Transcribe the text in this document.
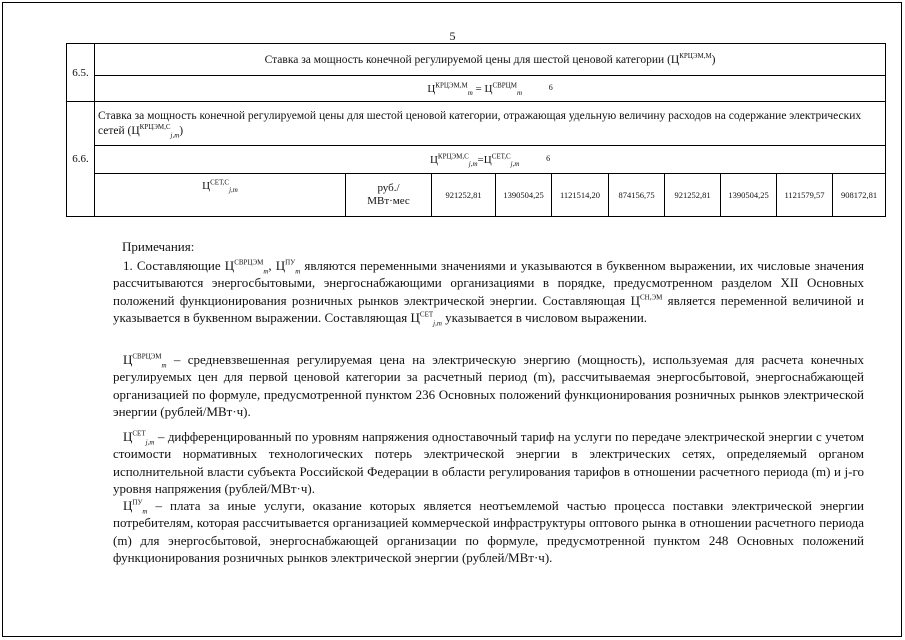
5
6.5.	Ставка за мощность конечной регулируемой цены для шестой ценовой категории $(Ц^{КРЦЭМ,М})$									
	$Ц^{КРЦЭМ,М}_m = Ц^{СВРЦМ}_m$ $^6$
6.6.	Ставка за мощность конечной регулируемой цены для шестой ценовой категории, отражающая удельную величину расходов на содержание электрических сетей $(Ц^{КРЦЭМ,С}_{j,m})$									
	$Ц^{КРЦЭМ,С}_{j,m}=Ц^{СЕТ,С}_{j,m}$ $^6$
	$Ц^{СЕТ,С}_{j,m}$	руб./
МВт·мес	921252,81	1390504,25	1121514,20	874156,75	921252,81	1390504,25	1121579,57	908172,81

Примечания:

1. Составляющие $Ц^{СВРЦЭМ}_m$, $Ц^{ПУ}_m$ являются переменными значениями и указываются в буквенном выражении, их числовые значения рассчитываются энергосбытовыми, энергоснабжающими организациями в порядке, предусмотренном разделом XII Основных положений функционирования розничных рынков электрической энергии. Составляющая $Ц^{СН,ЭМ}$ является переменной величиной и указывается в буквенном выражении. Составляющая $Ц^{СЕТ}_{j,m}$ указывается в числовом выражении.

$Ц^{СВРЦЭМ}_m$ – средневзвешенная регулируемая цена на электрическую энергию (мощность), используемая для расчета конечных регулируемых цен для первой ценовой категории за расчетный период (m), рассчитываемая энергосбытовой, энергоснабжающей организацией по формуле, предусмотренной пунктом 236 Основных положений функционирования розничных рынков электрической энергии (рублей/МВт·ч).

$Ц^{СЕТ}_{j,m}$ – дифференцированный по уровням напряжения одноставочный тариф на услуги по передаче электрической энергии с учетом стоимости нормативных технологических потерь электрической энергии в электрических сетях, определяемый органом исполнительной власти субъекта Российской Федерации в области регулирования тарифов в отношении расчетного периода (m) и j-го уровня напряжения (рублей/МВт·ч).

$Ц^{ПУ}_m$ – плата за иные услуги, оказание которых является неотъемлемой частью процесса поставки электрической энергии потребителям, которая рассчитывается организацией коммерческой инфраструктуры оптового рынка в отношении расчетного периода (m) для энергосбытовой, энергоснабжающей организации по формуле, предусмотренной пунктом 248 Основных положений функционирования розничных рынков электрической энергии (рублей/МВт·ч).
